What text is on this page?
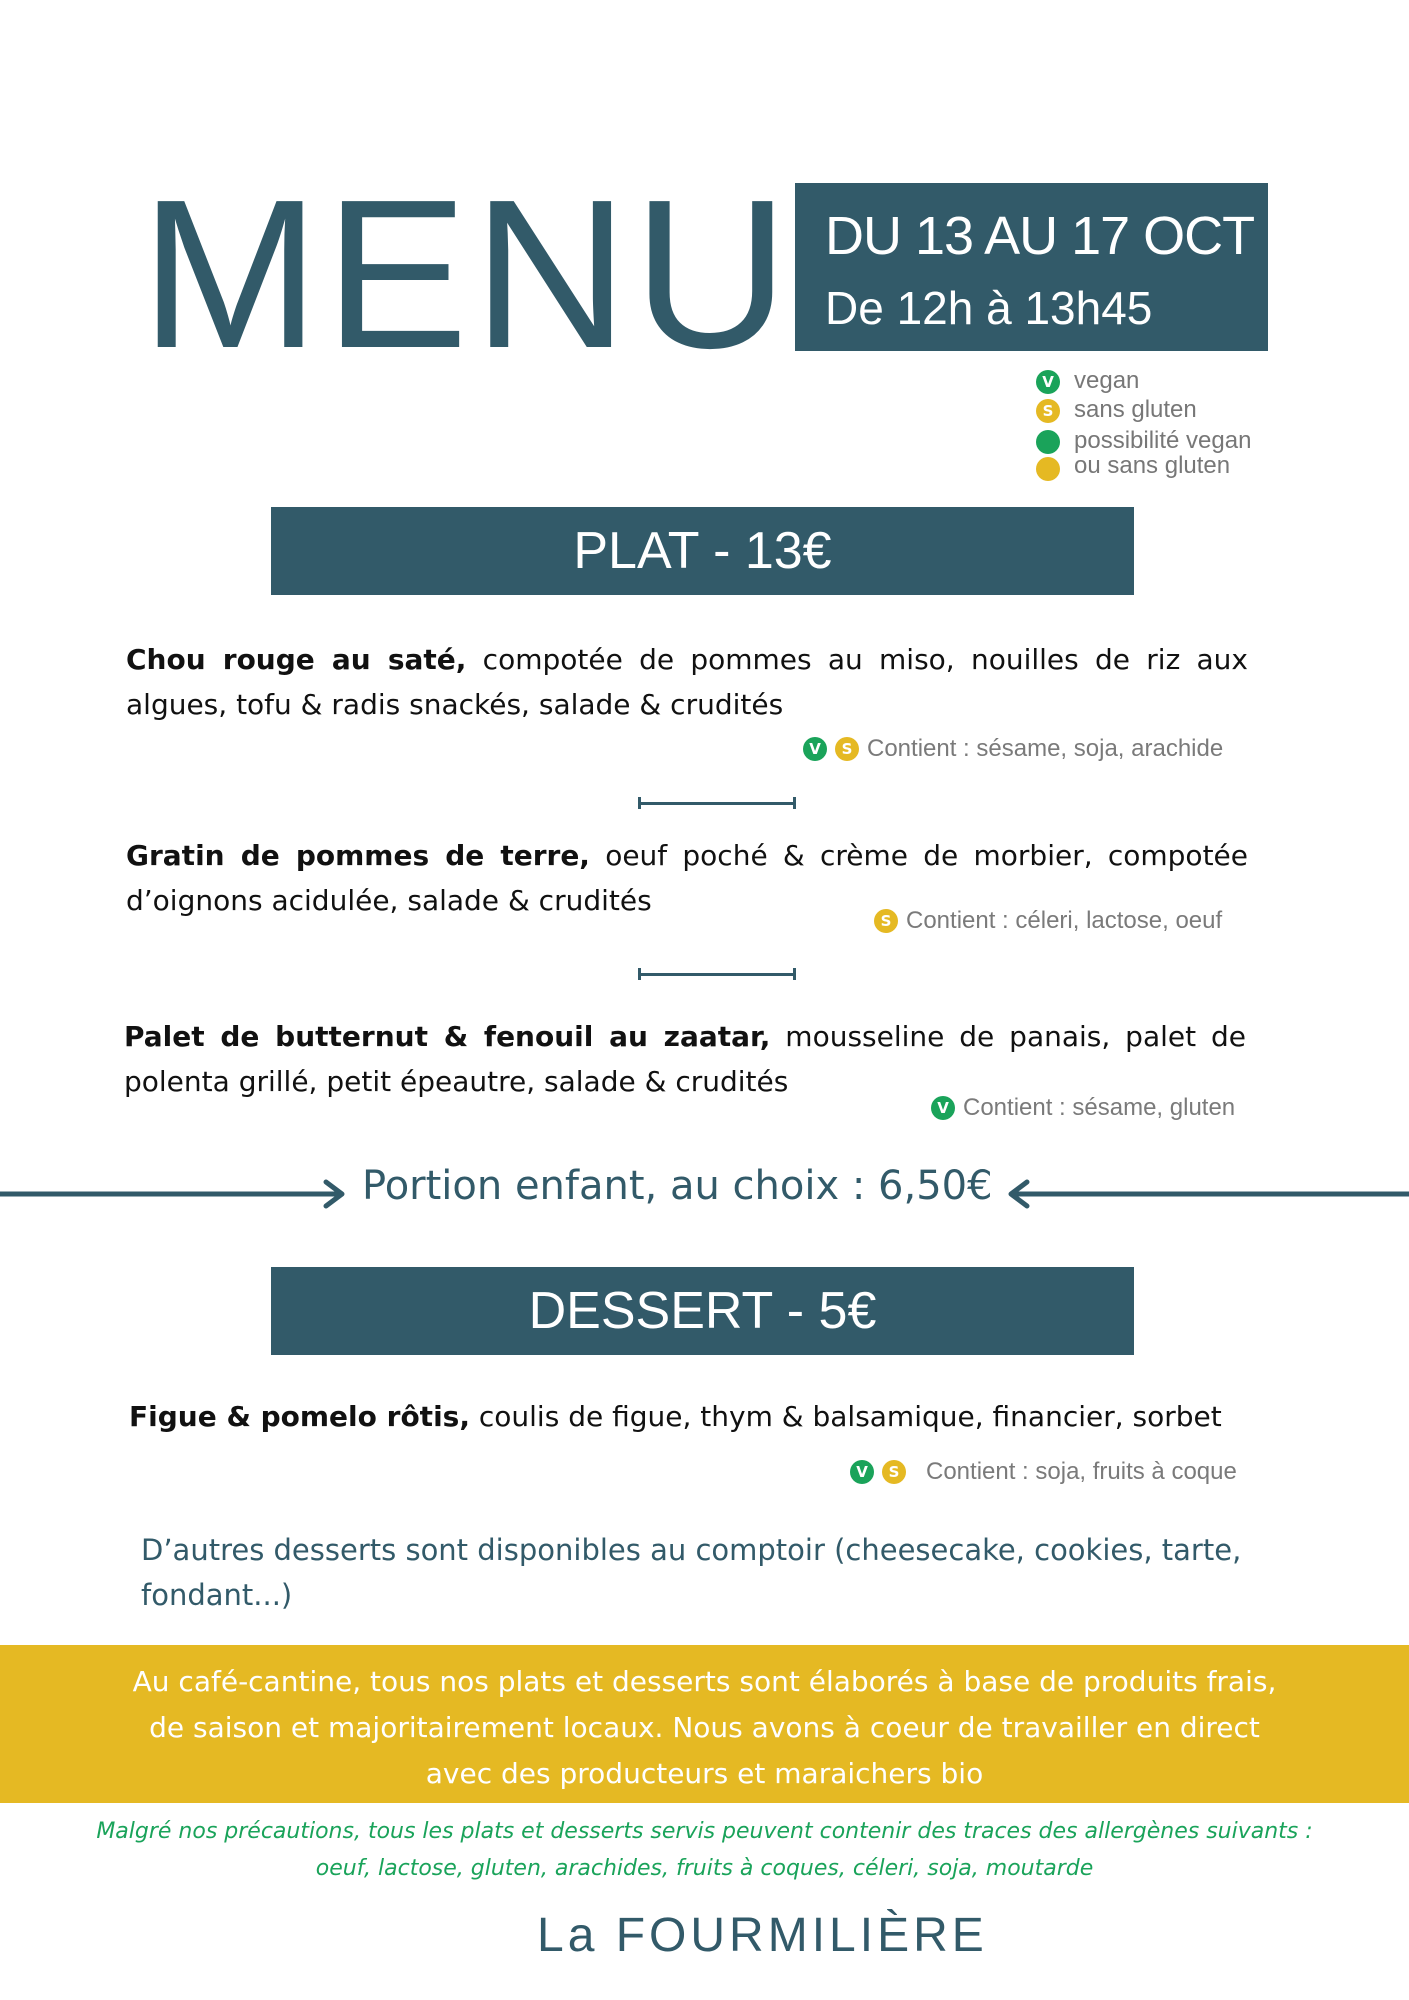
MENU DU 13 AU 17 OCT
De 12h à 13h45
V vegan
S sans gluten
possibilité vegan
ou sans gluten
PLAT - 13€
Chou rouge au saté, compotée de pommes au miso, nouilles de riz aux algues, tofu & radis snackés, salade & crudités
V	S Contient : sésame, soja, arachide
Gratin de pommes de terre, oeuf poché & crème de morbier, compotée d’oignons acidulée, salade & crudités
S Contient : céleri, lactose, oeuf
Palet de butternut & fenouil au zaatar, mousseline de panais, palet de polenta grillé, petit épeautre, salade & crudités
V Contient : sésame, gluten
Portion enfant, au choix : 6,50€
DESSERT - 5€
Figue & pomelo rôtis, coulis de figue, thym & balsamique, financier, sorbet
V	S Contient : soja, fruits à coque
D’autres desserts sont disponibles au comptoir (cheesecake, cookies, tarte, fondant...)
Au café-cantine, tous nos plats et desserts sont élaborés à base de produits frais,
de saison et majoritairement locaux. Nous avons à coeur de travailler en direct
avec des producteurs et maraichers bio
Malgré nos précautions, tous les plats et desserts servis peuvent contenir des traces des allergènes suivants :
oeuf, lactose, gluten, arachides, fruits à coques, céleri, soja, moutarde
La FOURMILIÈRE
